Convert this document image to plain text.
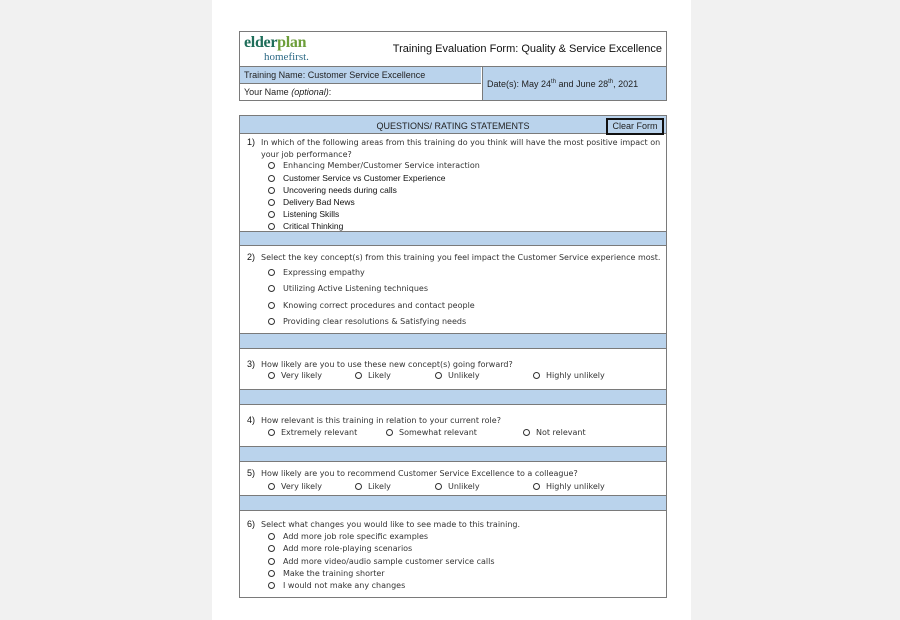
elderplan
homefirst.
Training Evaluation Form: Quality & Service Excellence
Training Name: Customer Service Excellence
Your Name (optional):
Date(s): May 24th and June 28th, 2021
QUESTIONS/ RATING STATEMENTS	Clear Form
1) In which of the following areas from this training do you think will have the most positive impact on your job performance?
Enhancing Member/Customer Service interaction
Customer Service vs Customer Experience
Uncovering needs during calls
Delivery Bad News
Listening Skills
Critical Thinking
2) Select the key concept(s) from this training you feel impact the Customer Service experience most.
Expressing empathy
Utilizing Active Listening techniques
Knowing correct procedures and contact people
Providing clear resolutions & Satisfying needs
3) How likely are you to use these new concept(s) going forward?
Very likely	Likely	Unlikely	Highly unlikely
4) How relevant is this training in relation to your current role?
Extremely relevant	Somewhat relevant	Not relevant
5) How likely are you to recommend Customer Service Excellence to a colleague?
Very likely	Likely	Unlikely	Highly unlikely
6) Select what changes you would like to see made to this training.
Add more job role specific examples
Add more role-playing scenarios
Add more video/audio sample customer service calls
Make the training shorter
I would not make any changes
